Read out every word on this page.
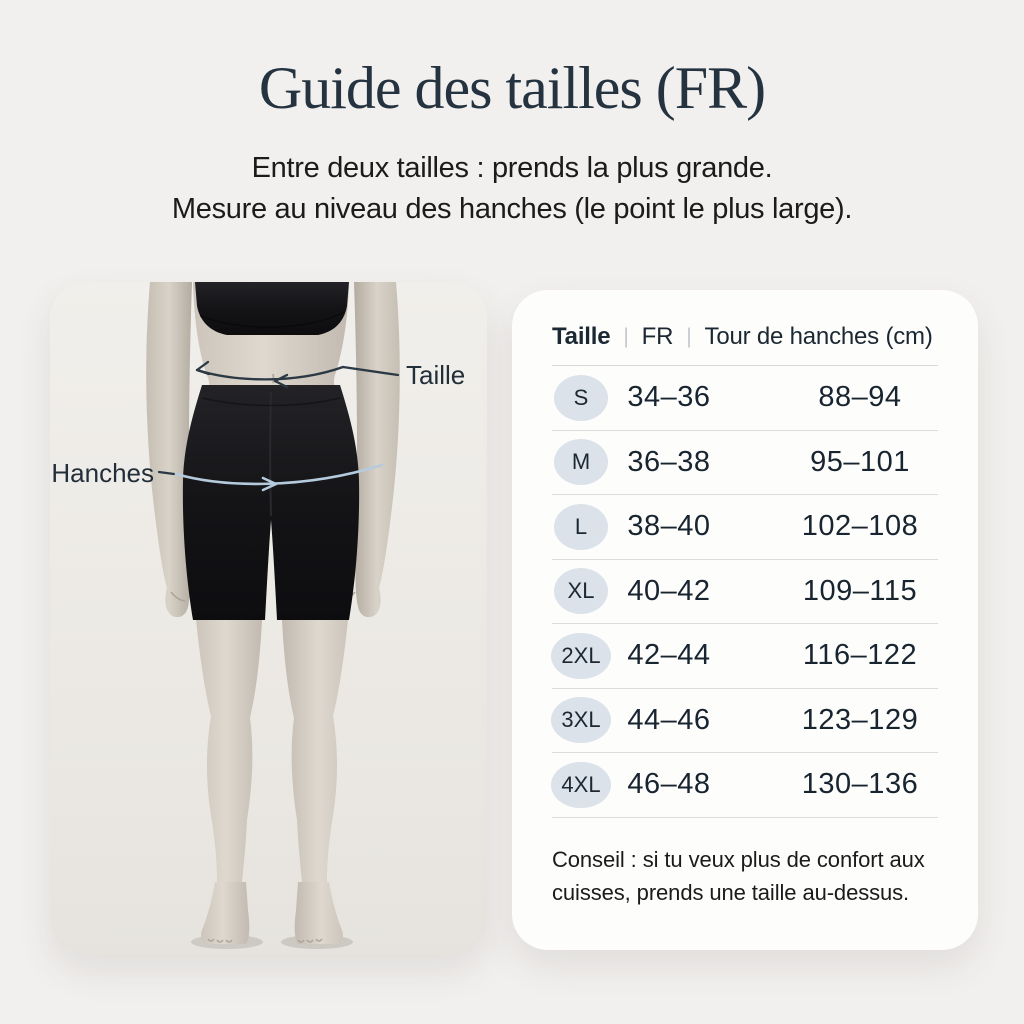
Guide des tailles (FR)

Entre deux tailles : prends la plus grande.

Mesure au niveau des hanches (le point le plus large).

Taille
Hanches
Taille | FR | Tour de hanches (cm)
S	34–36	88–94
M	36–38	95–101
L	38–40	102–108
XL	40–42	109–115
2XL 42–44	116–122
3XL 44–46	123–129
4XL 46–48	130–136

Conseil : si tu veux plus de confort aux cuisses, prends une taille au-dessus.
